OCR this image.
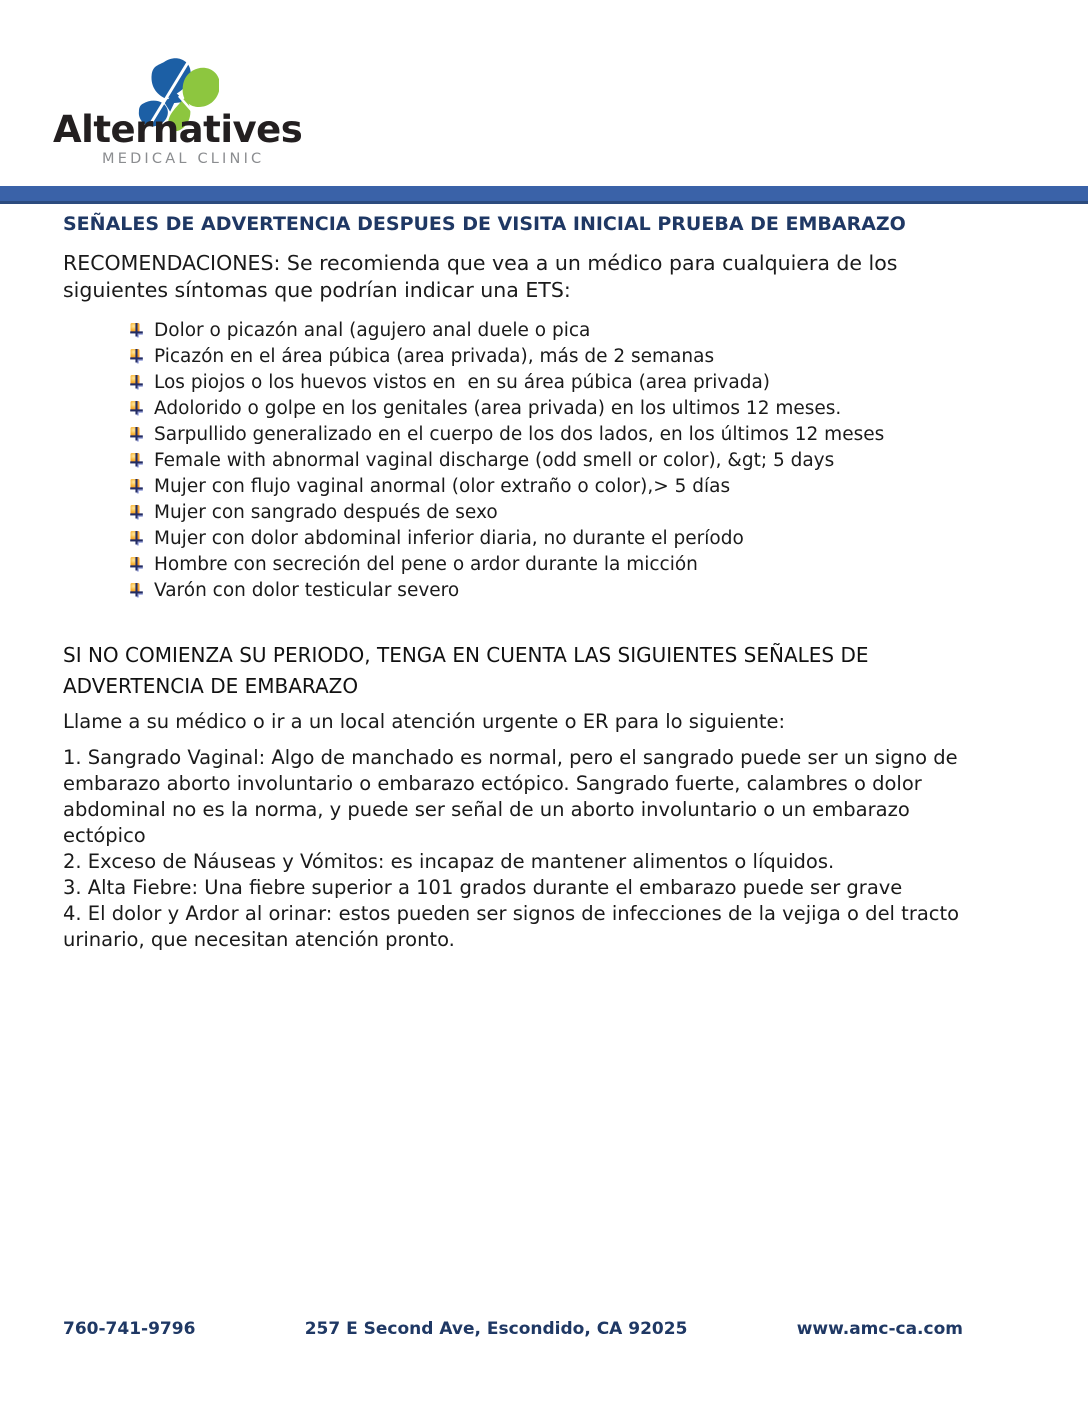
Alternatives
MEDICAL CLINIC
SEÑALES DE ADVERTENCIA DESPUES DE VISITA INICIAL PRUEBA DE EMBARAZO
RECOMENDACIONES: Se recomienda que vea a un médico para cualquiera de los siguientes síntomas que podrían indicar una ETS:
Dolor o picazón anal (agujero anal duele o pica
Picazón en el área púbica (area privada), más de 2 semanas
Los piojos o los huevos vistos en  en su área púbica (area privada)
Adolorido o golpe en los genitales (area privada) en los ultimos 12 meses.
Sarpullido generalizado en el cuerpo de los dos lados, en los últimos 12 meses
Female with abnormal vaginal discharge (odd smell or color), &gt; 5 days
Mujer con flujo vaginal anormal (olor extraño o color),> 5 días
Mujer con sangrado después de sexo
Mujer con dolor abdominal inferior diaria, no durante el período
Hombre con secreción del pene o ardor durante la micción
Varón con dolor testicular severo
SI NO COMIENZA SU PERIODO, TENGA EN CUENTA LAS SIGUIENTES SEÑALES DE ADVERTENCIA DE EMBARAZO
Llame a su médico o ir a un local atención urgente o ER para lo siguiente:

1. Sangrado Vaginal: Algo de manchado es normal, pero el sangrado puede ser un signo de embarazo aborto involuntario o embarazo ectópico. Sangrado fuerte, calambres o dolor abdominal no es la norma, y puede ser señal de un aborto involuntario o un embarazo ectópico

2. Exceso de Náuseas y Vómitos: es incapaz de mantener alimentos o líquidos.

3. Alta Fiebre: Una fiebre superior a 101 grados durante el embarazo puede ser grave

4. El dolor y Ardor al orinar: estos pueden ser signos de infecciones de la vejiga o del tracto urinario, que necesitan atención pronto.

760-741-9796	257 E Second Ave, Escondido, CA 92025	www.amc-ca.com
